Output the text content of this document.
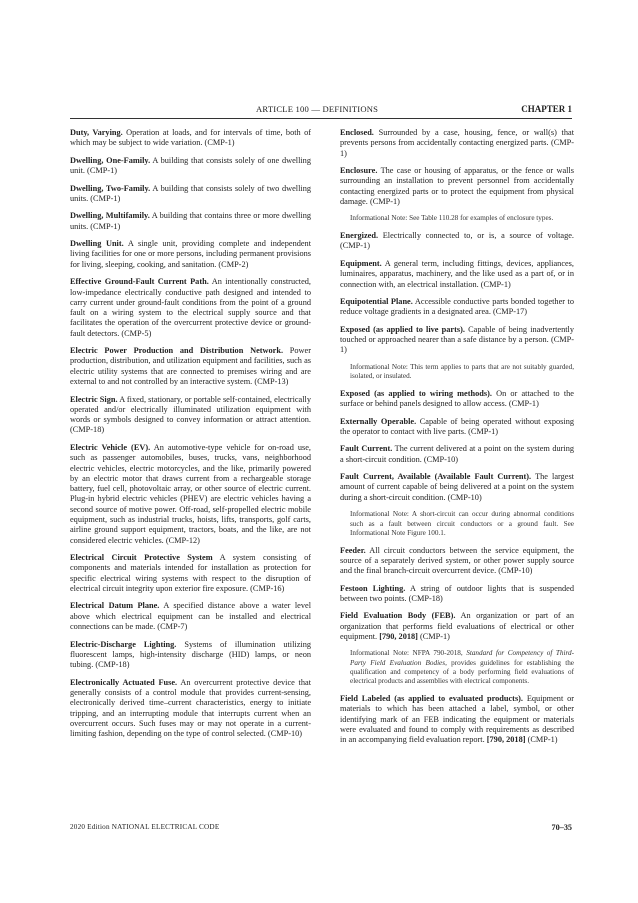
ARTICLE 100 — DEFINITIONS	CHAPTER 1

Duty, Varying. Operation at loads, and for intervals of time, both of which may be subject to wide variation. (CMP-1)

Dwelling, One-Family. A building that consists solely of one dwelling unit. (CMP-1)

Dwelling, Two-Family. A building that consists solely of two dwelling units. (CMP-1)

Dwelling, Multifamily. A building that contains three or more dwelling units. (CMP-1)

Dwelling Unit. A single unit, providing complete and independent living facilities for one or more persons, including permanent provisions for living, sleeping, cooking, and sanitation. (CMP-2)

Effective Ground-Fault Current Path. An intentionally constructed, low-impedance electrically conductive path designed and intended to carry current under ground-fault conditions from the point of a ground fault on a wiring system to the electrical supply source and that facilitates the operation of the overcurrent protective device or ground-fault detectors. (CMP-5)

Electric Power Production and Distribution Network. Power production, distribution, and utilization equipment and facilities, such as electric utility systems that are connected to premises wiring and are external to and not controlled by an interactive system. (CMP-13)

Electric Sign. A fixed, stationary, or portable self-contained, electrically operated and/or electrically illuminated utilization equipment with words or symbols designed to convey information or attract attention. (CMP-18)

Electric Vehicle (EV). An automotive-type vehicle for on-road use, such as passenger automobiles, buses, trucks, vans, neighborhood electric vehicles, electric motorcycles, and the like, primarily powered by an electric motor that draws current from a rechargeable storage battery, fuel cell, photovoltaic array, or other source of electric current. Plug-in hybrid electric vehicles (PHEV) are electric vehicles having a second source of motive power. Off-road, self-propelled electric mobile equipment, such as industrial trucks, hoists, lifts, transports, golf carts, airline ground support equipment, tractors, boats, and the like, are not considered electric vehicles. (CMP-12)

Electrical Circuit Protective System A system consisting of components and materials intended for installation as protection for specific electrical wiring systems with respect to the disruption of electrical circuit integrity upon exterior fire exposure. (CMP-16)

Electrical Datum Plane. A specified distance above a water level above which electrical equipment can be installed and electrical connections can be made. (CMP-7)

Electric-Discharge Lighting. Systems of illumination utilizing fluorescent lamps, high-intensity discharge (HID) lamps, or neon tubing. (CMP-18)

Electronically Actuated Fuse. An overcurrent protective device that generally consists of a control module that provides current-sensing, electronically derived time–current characteristics, energy to initiate tripping, and an interrupting module that interrupts current when an overcurrent occurs. Such fuses may or may not operate in a current-limiting fashion, depending on the type of control selected. (CMP-10)

Enclosed. Surrounded by a case, housing, fence, or wall(s) that prevents persons from accidentally contacting energized parts. (CMP-1)

Enclosure. The case or housing of apparatus, or the fence or walls surrounding an installation to prevent personnel from accidentally contacting energized parts or to protect the equipment from physical damage. (CMP-1)

Informational Note: See Table 110.28 for examples of enclosure types.

Energized. Electrically connected to, or is, a source of voltage. (CMP-1)

Equipment. A general term, including fittings, devices, appliances, luminaires, apparatus, machinery, and the like used as a part of, or in connection with, an electrical installation. (CMP-1)

Equipotential Plane. Accessible conductive parts bonded together to reduce voltage gradients in a designated area. (CMP-17)

Exposed (as applied to live parts). Capable of being inadvertently touched or approached nearer than a safe distance by a person. (CMP-1)

Informational Note: This term applies to parts that are not suitably guarded, isolated, or insulated.

Exposed (as applied to wiring methods). On or attached to the surface or behind panels designed to allow access. (CMP-1)

Externally Operable. Capable of being operated without exposing the operator to contact with live parts. (CMP-1)

Fault Current. The current delivered at a point on the system during a short-circuit condition. (CMP-10)

Fault Current, Available (Available Fault Current). The largest amount of current capable of being delivered at a point on the system during a short-circuit condition. (CMP-10)

Informational Note: A short-circuit can occur during abnormal conditions such as a fault between circuit conductors or a ground fault. See Informational Note Figure 100.1.

Feeder. All circuit conductors between the service equipment, the source of a separately derived system, or other power supply source and the final branch-circuit overcurrent device. (CMP-10)

Festoon Lighting. A string of outdoor lights that is suspended between two points. (CMP-18)

Field Evaluation Body (FEB). An organization or part of an organization that performs field evaluations of electrical or other equipment. [790, 2018] (CMP-1)

Informational Note: NFPA 790-2018, Standard for Competency of Third-Party Field Evaluation Bodies, provides guidelines for establishing the qualification and competency of a body performing field evaluations of electrical products and assemblies with electrical components.

Field Labeled (as applied to evaluated products). Equipment or materials to which has been attached a label, symbol, or other identifying mark of an FEB indicating the equipment or materials were evaluated and found to comply with requirements as described in an accompanying field evaluation report. [790, 2018] (CMP-1)

2020 Edition NATIONAL ELECTRICAL CODE	70–35
